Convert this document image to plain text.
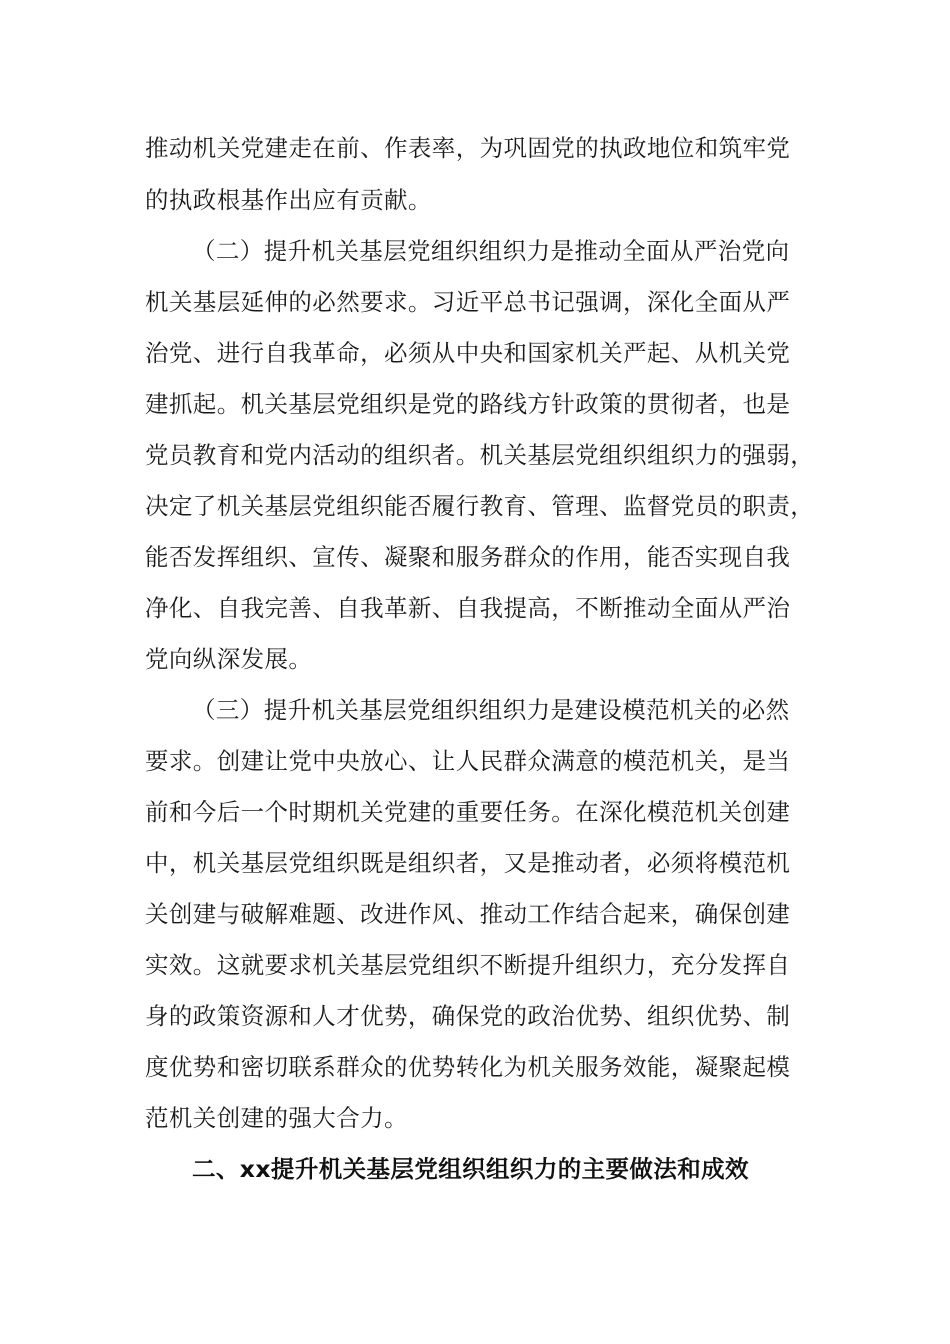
推动机关党建走在前、作表率，为巩固党的执政地位和筑牢党
的执政根基作出应有贡献。
（二）提升机关基层党组织组织力是推动全面从严治党向
机关基层延伸的必然要求。习近平总书记强调，深化全面从严
治党、进行自我革命，必须从中央和国家机关严起、从机关党
建抓起。机关基层党组织是党的路线方针政策的贯彻者，也是
党员教育和党内活动的组织者。机关基层党组织组织力的强弱，
决定了机关基层党组织能否履行教育、管理、监督党员的职责，
能否发挥组织、宣传、凝聚和服务群众的作用，能否实现自我
净化、自我完善、自我革新、自我提高，不断推动全面从严治
党向纵深发展。
（三）提升机关基层党组织组织力是建设模范机关的必然
要求。创建让党中央放心、让人民群众满意的模范机关，是当
前和今后一个时期机关党建的重要任务。在深化模范机关创建
中，机关基层党组织既是组织者，又是推动者，必须将模范机
关创建与破解难题、改进作风、推动工作结合起来，确保创建
实效。这就要求机关基层党组织不断提升组织力，充分发挥自
身的政策资源和人才优势，确保党的政治优势、组织优势、制
度优势和密切联系群众的优势转化为机关服务效能，凝聚起模
范机关创建的强大合力。
二、xx提升机关基层党组织组织力的主要做法和成效
